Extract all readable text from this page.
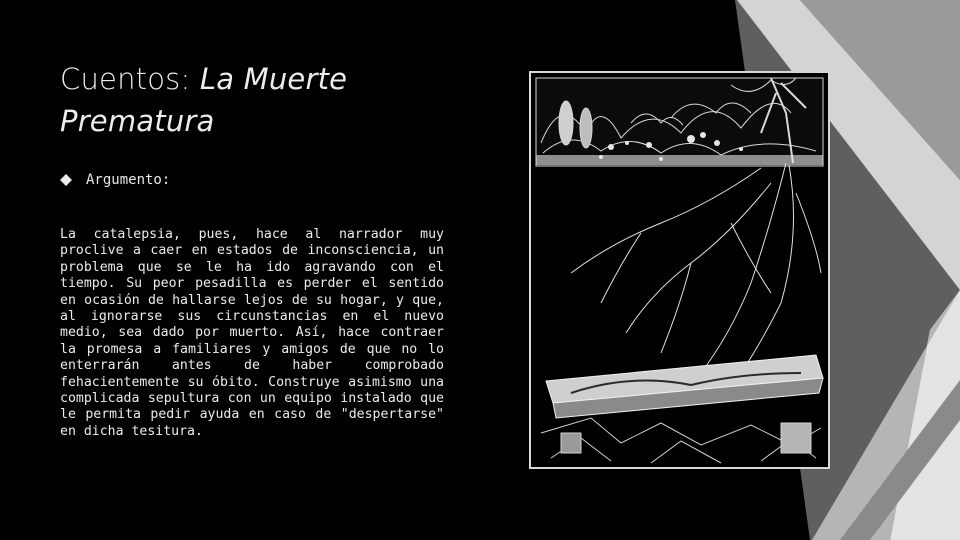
Cuentos: La Muerte
Prematura
Argumento:

La catalepsia, pues, hace al narrador muy proclive a caer en estados de inconsciencia, un problema que se le ha ido agravando con el tiempo. Su peor pesadilla es perder el sentido en ocasión de hallarse lejos de su hogar, y que, al ignorarse sus circunstancias en el nuevo medio, sea dado por muerto. Así, hace contraer la promesa a familiares y amigos de que no lo enterrarán antes de haber comprobado fehacientemente su óbito. Construye asimismo una complicada sepultura con un equipo instalado que le permita pedir ayuda en caso de "despertarse" en dicha tesitura.
